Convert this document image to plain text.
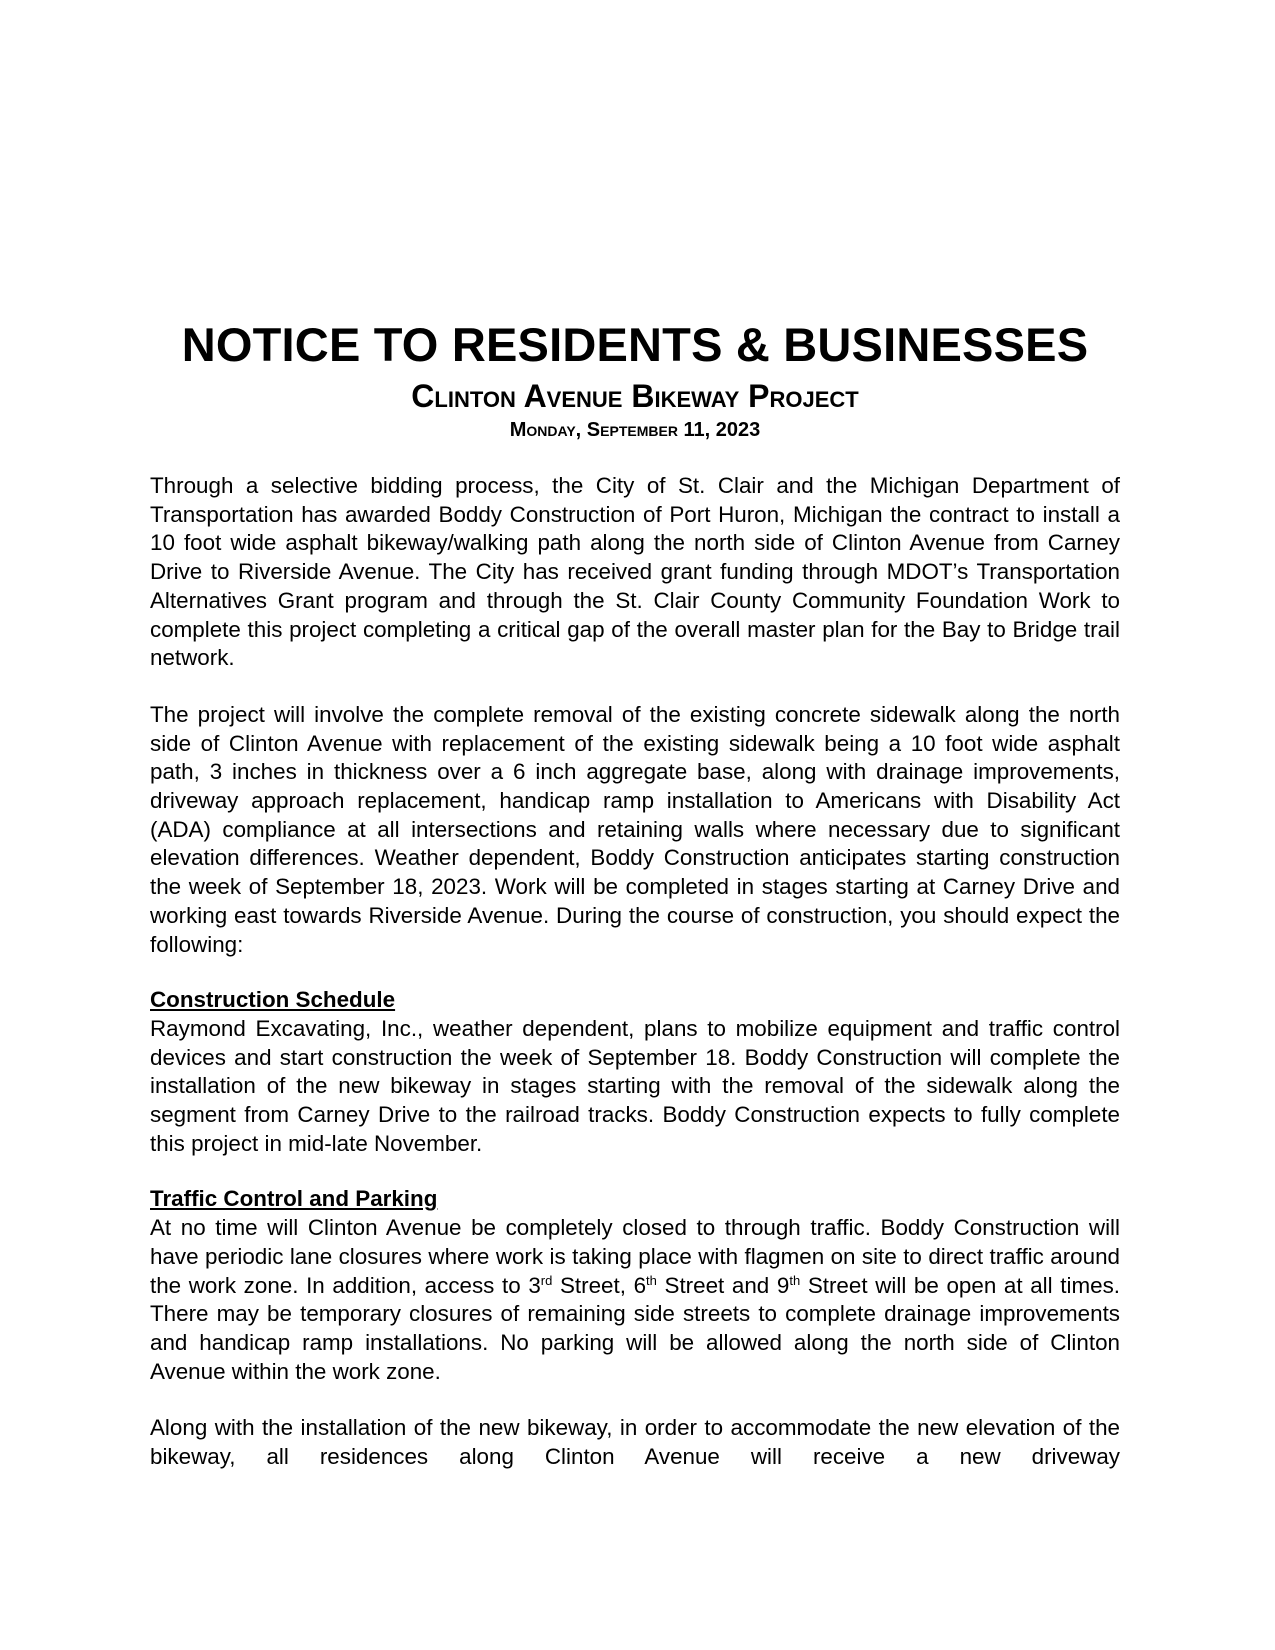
NOTICE TO RESIDENTS & BUSINESSES
Clinton Avenue Bikeway Project
Monday, September 11, 2023

Through a selective bidding process, the City of St. Clair and the Michigan Department of Transportation has awarded Boddy Construction of Port Huron, Michigan the contract to install a 10 foot wide asphalt bikeway/walking path along the north side of Clinton Avenue from Carney Drive to Riverside Avenue. The City has received grant funding through MDOT’s Transportation Alternatives Grant program and through the St. Clair County Community Foundation Work to complete this project completing a critical gap of the overall master plan for the Bay to Bridge trail network.

The project will involve the complete removal of the existing concrete sidewalk along the north side of Clinton Avenue with replacement of the existing sidewalk being a 10 foot wide asphalt path, 3 inches in thickness over a 6 inch aggregate base, along with drainage improvements, driveway approach replacement, handicap ramp installation to Americans with Disability Act (ADA) compliance at all intersections and retaining walls where necessary due to significant elevation differences. Weather dependent, Boddy Construction anticipates starting construction the week of September 18, 2023. Work will be completed in stages starting at Carney Drive and working east towards Riverside Avenue. During the course of construction, you should expect the following:

Construction Schedule

Raymond Excavating, Inc., weather dependent, plans to mobilize equipment and traffic control devices and start construction the week of September 18. Boddy Construction will complete the installation of the new bikeway in stages starting with the removal of the sidewalk along the segment from Carney Drive to the railroad tracks. Boddy Construction expects to fully complete this project in mid-late November.

Traffic Control and Parking

At no time will Clinton Avenue be completely closed to through traffic. Boddy Construction will have periodic lane closures where work is taking place with flagmen on site to direct traffic around the work zone. In addition, access to 3rd Street, 6th Street and 9th Street will be open at all times. There may be temporary closures of remaining side streets to complete drainage improvements and handicap ramp installations. No parking will be allowed along the north side of Clinton Avenue within the work zone.

Along with the installation of the new bikeway, in order to accommodate the new elevation of the bikeway, all residences along Clinton Avenue will receive a new driveway
